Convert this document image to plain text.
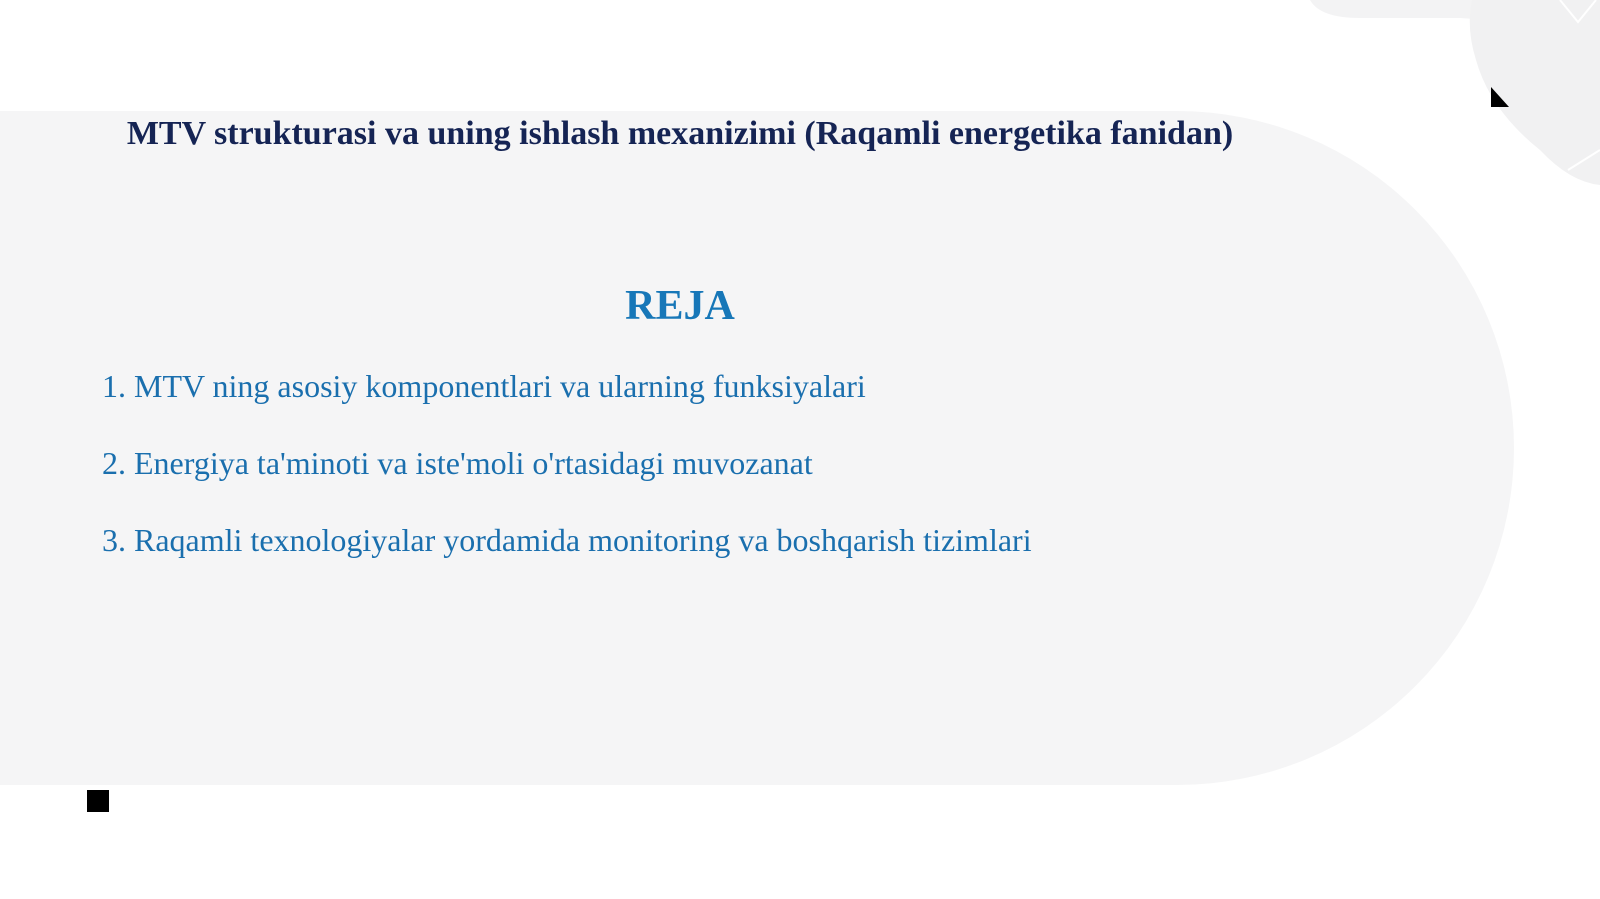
MTV strukturasi va uning ishlash mexanizimi (Raqamli energetika fanidan)
REJA
1. MTV ning asosiy komponentlari va ularning funksiyalari
2. Energiya ta'minoti va iste'moli o'rtasidagi muvozanat
3. Raqamli texnologiyalar yordamida monitoring va boshqarish tizimlari
